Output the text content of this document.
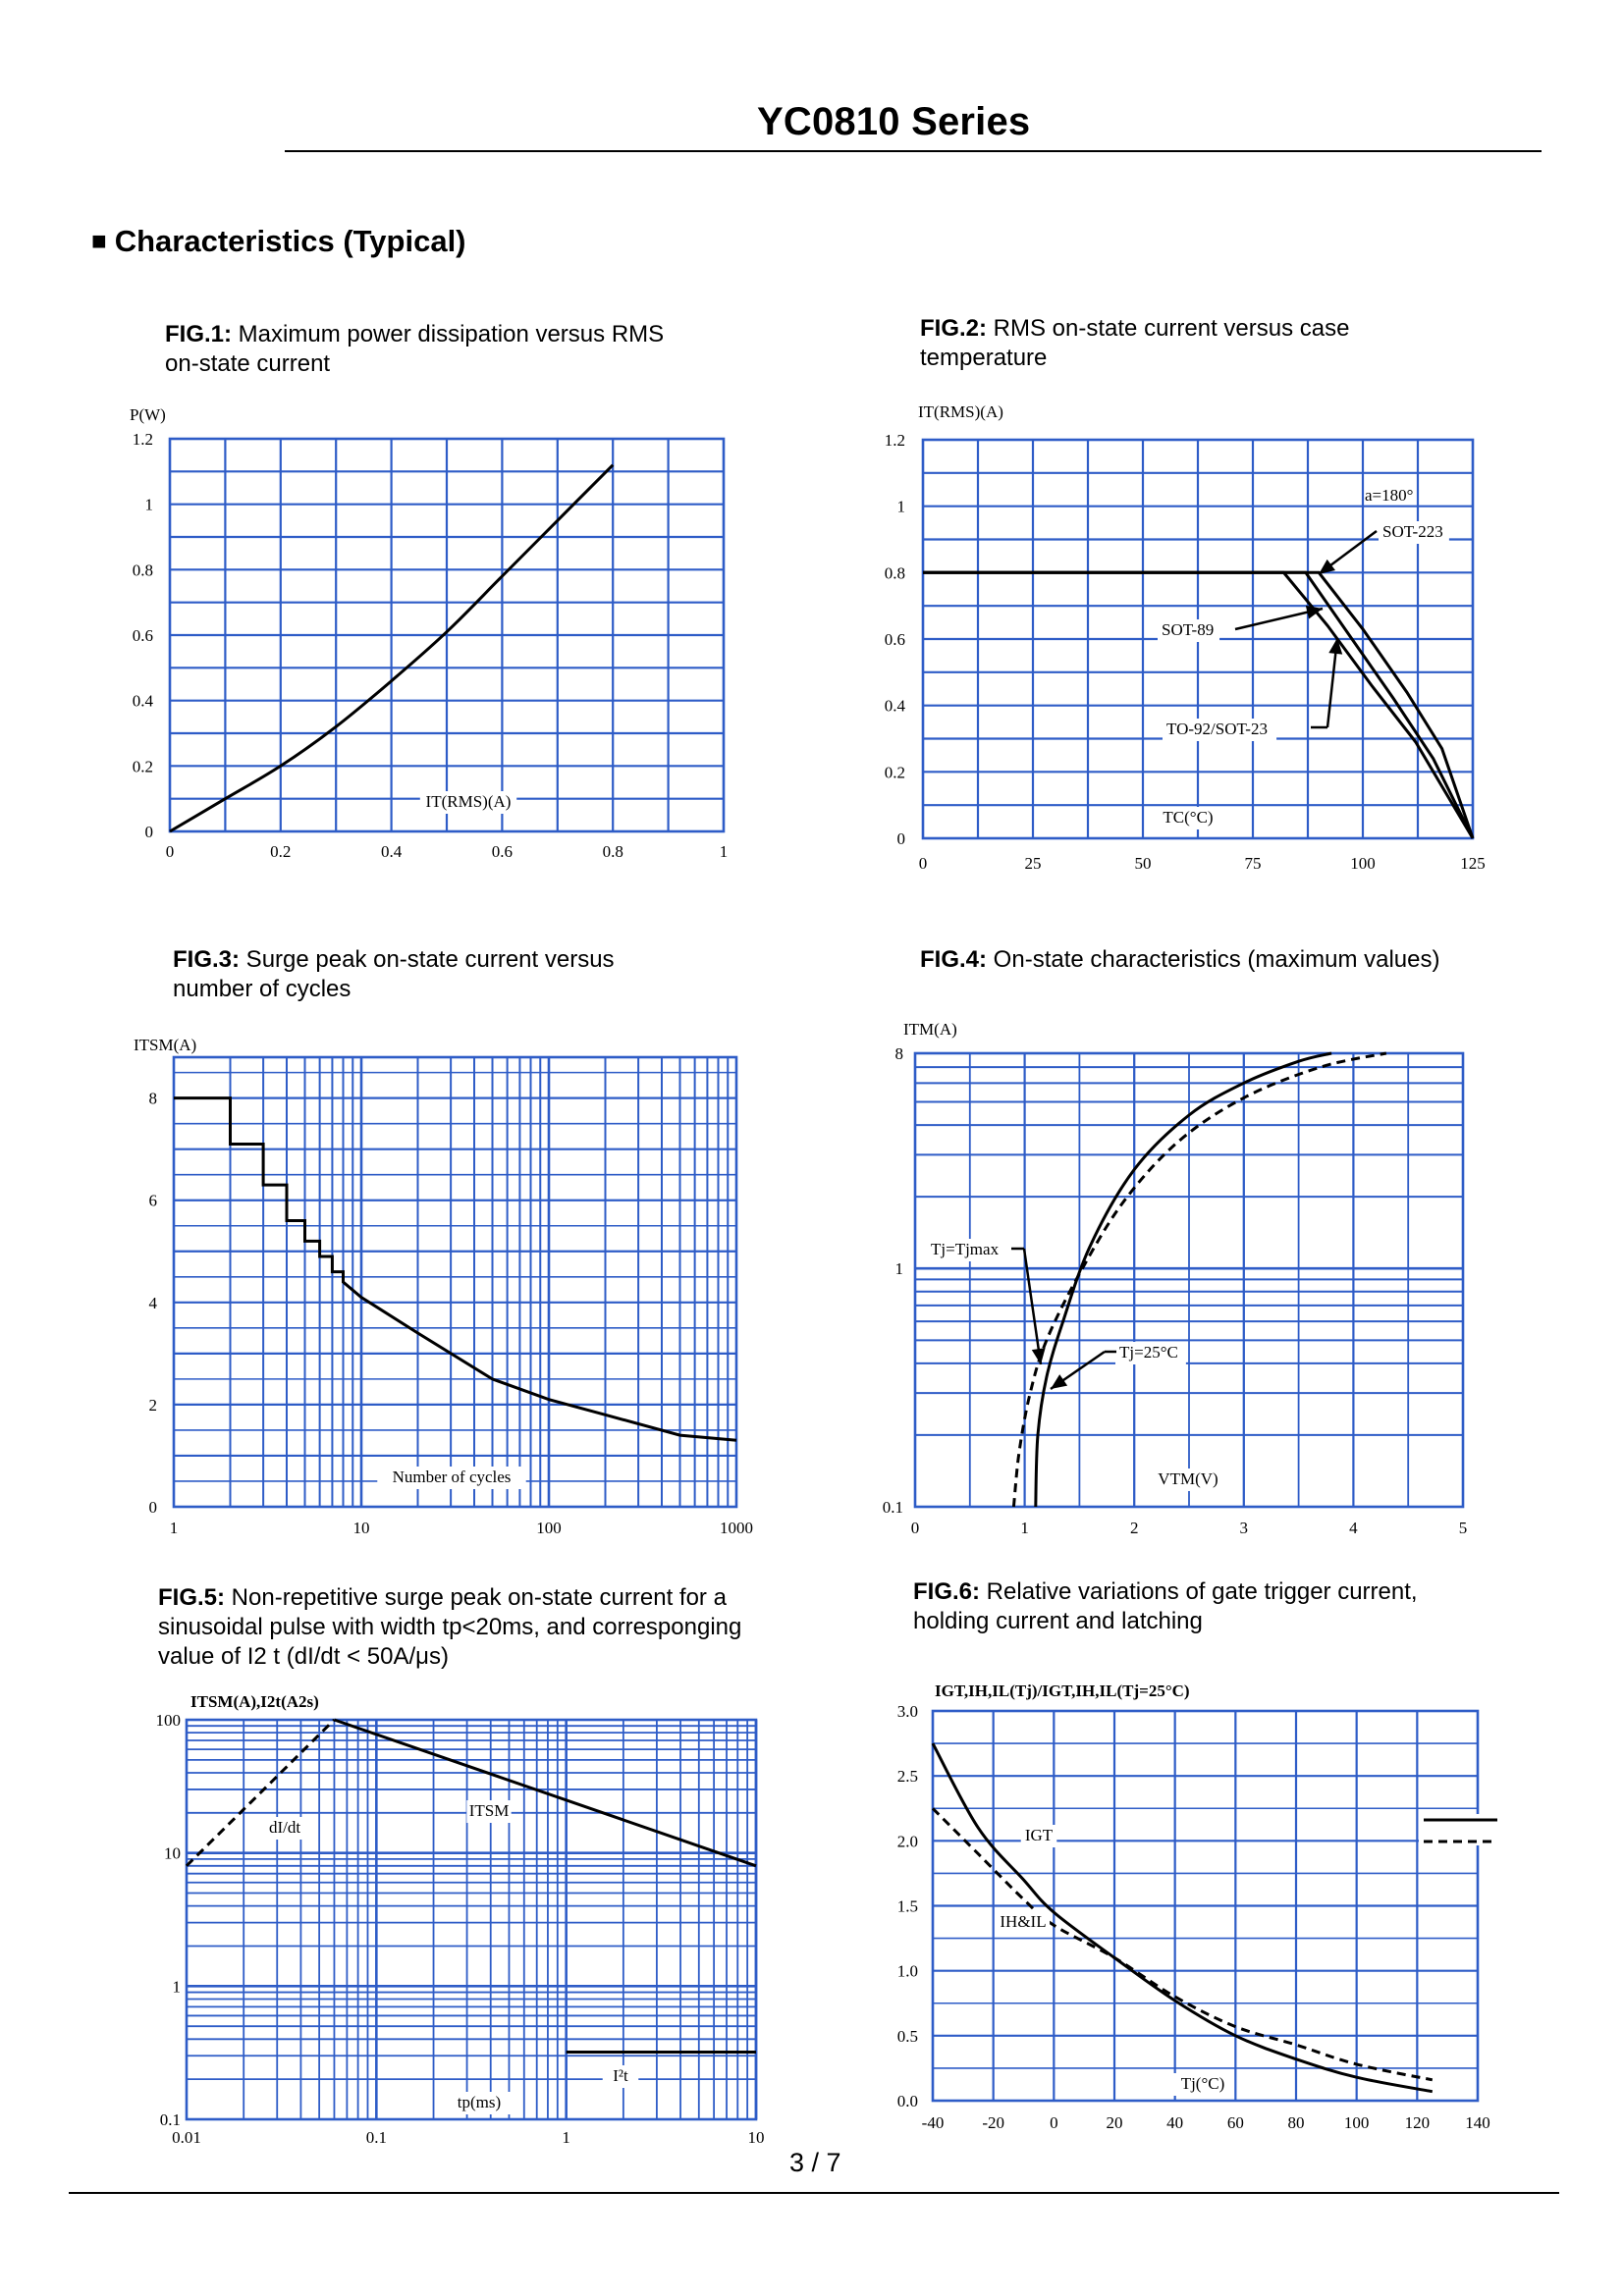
YC0810 Series
■ Characteristics (Typical)
FIG.1: Maximum power dissipation versus RMS
on-state current
FIG.2: RMS on-state current versus case
temperature
FIG.3: Surge peak on-state current versus
number of cycles
FIG.4: On-state characteristics (maximum values)
FIG.5: Non-repetitive surge peak on-state current for a
sinusoidal pulse with width tp<20ms, and corresponging
value of I2 t (dI/dt < 50A/μs)
FIG.6: Relative variations of gate trigger current,
holding current and latching
0	0.2	0.4	0.6	0.8	1
0
0.2
0.4
0.6
0.8
1
1.2
P(W)
IT(RMS)(A)
0	25	50	75	100	125
0
0.2
0.4
0.6
0.8
1
1.2
IT(RMS)(A)
TC(°C)
a=180°
SOT-223
SOT-89
TO-92/SOT-23
1	10	100	1000
0
2
4
6
8
ITSM(A)
Number of cycles
0	1	2	3	4	5
0.1
1
8
ITM(A)
VTM(V)
Tj=Tjmax
Tj=25°C
0.01	0.1	1	10
0.1
1
10
100
ITSM(A),I2t(A2s)
tp(ms)
dI/dt
ITSM
I²t
-40 -20	0	20	40	60	80 100 120 140
0.0
0.5
1.0
1.5
2.0
2.5
3.0
IGT,IH,IL(Tj)/IGT,IH,IL(Tj=25°C)
Tj(°C)
IGT
IH&IL
3 / 7
